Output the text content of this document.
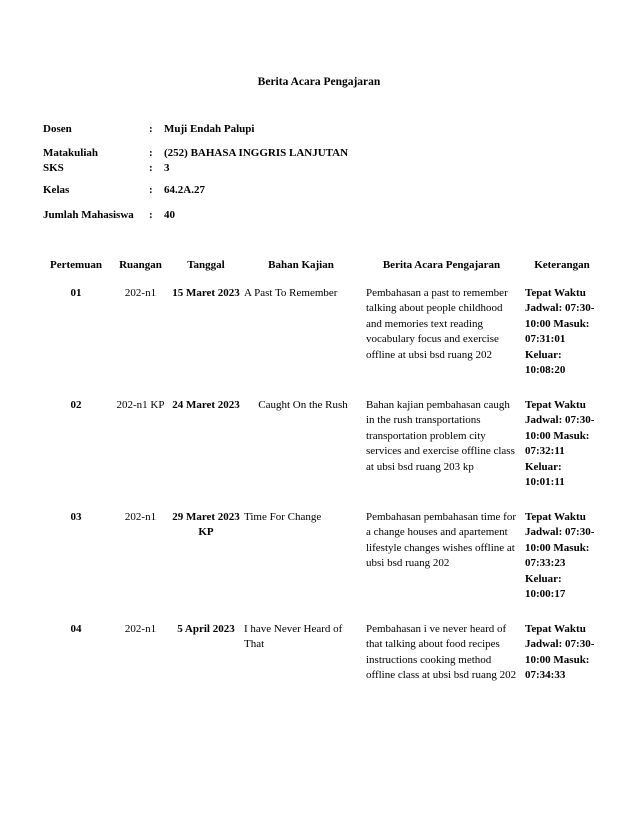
Berita Acara Pengajaran
Dosen	: Muji Endah Palupi
Matakuliah	: (252) BAHASA INGGRIS LANJUTAN
SKS	: 3
Kelas	: 64.2A.27
Jumlah Mahasiswa : 40
Pertemuan	Ruangan	Tanggal	Bahan Kajian	Berita Acara Pengajaran	Keterangan
01	202-n1	15 Maret 2023	A Past To Remember	Pembahasan a past to remember talking about people childhood and memories text reading vocabulary focus and exercise offline at ubsi bsd ruang 202	Tepat Waktu Jadwal: 07:30-10:00 Masuk: 07:31:01 Keluar: 10:08:20
02	202-n1 KP	24 Maret 2023	Caught On the Rush	Bahan kajian pembahasan caugh in the rush transportations transportation problem city services and exercise offline class at ubsi bsd ruang 203 kp	Tepat Waktu Jadwal: 07:30-10:00 Masuk: 07:32:11 Keluar: 10:01:11
03	202-n1	29 Maret 2023 KP	Time For Change	Pembahasan pembahasan time for a change houses and apartement lifestyle changes wishes offline at ubsi bsd ruang 202	Tepat Waktu Jadwal: 07:30-10:00 Masuk: 07:33:23 Keluar: 10:00:17
04	202-n1	5 April 2023	I have Never Heard of That	Pembahasan i ve never heard of that talking about food recipes instructions cooking method offline class at ubsi bsd ruang 202	Tepat Waktu Jadwal: 07:30-10:00 Masuk: 07:34:33
